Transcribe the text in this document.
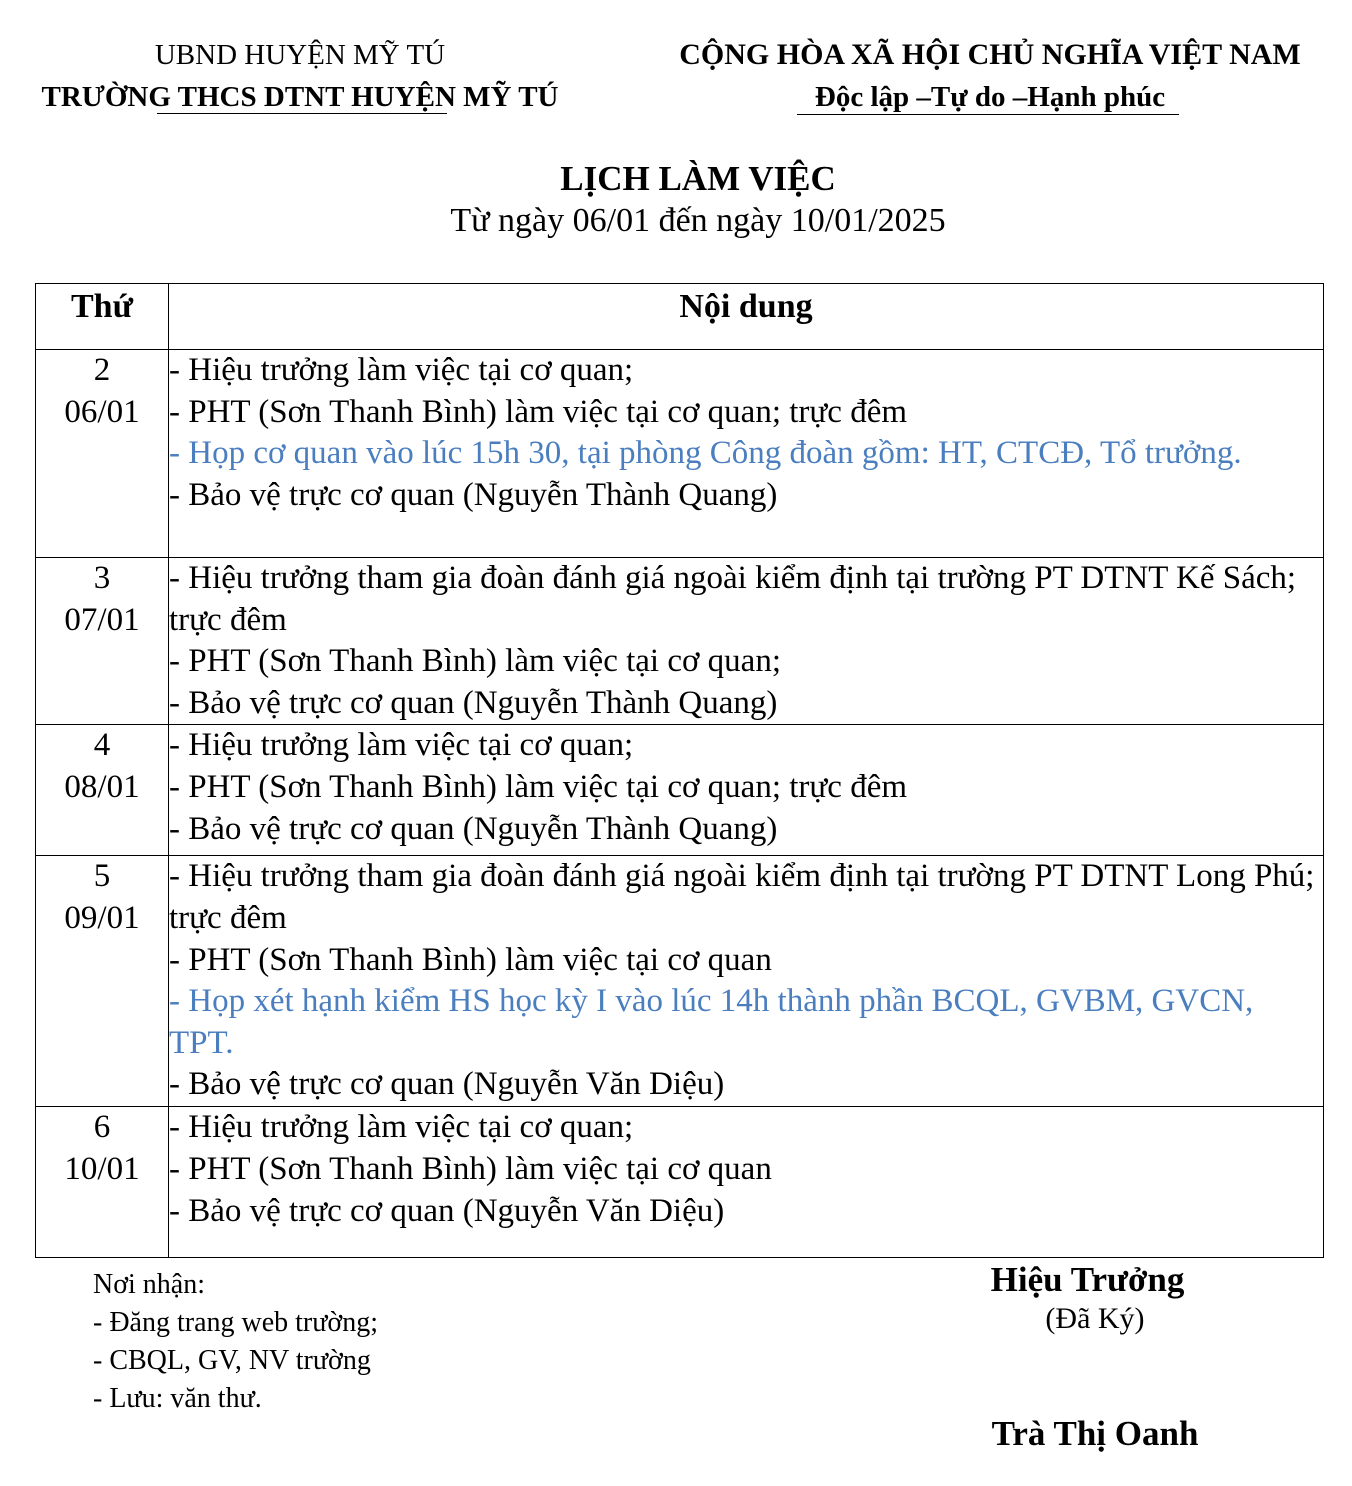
UBND HUYỆN MỸ TÚ
TRƯỜNG THCS DTNT HUYỆN MỸ TÚ
CỘNG HÒA XÃ HỘI CHỦ NGHĨA VIỆT NAM
Độc lập –Tự do –Hạnh phúc
LỊCH LÀM VIỆC
Từ ngày 06/01 đến ngày 10/01/2025
Thứ	Nội dung

2
06/01	- Hiệu trưởng làm việc tại cơ quan;
- PHT (Sơn Thanh Bình) làm việc tại cơ quan; trực đêm
- Họp cơ quan vào lúc 15h 30, tại phòng Công đoàn gồm: HT, CTCĐ, Tổ trưởng.
- Bảo vệ trực cơ quan (Nguyễn Thành Quang)

3
07/01	- Hiệu trưởng tham gia đoàn đánh giá ngoài kiểm định tại trường PT DTNT Kế Sách; trực đêm
- PHT (Sơn Thanh Bình) làm việc tại cơ quan;
- Bảo vệ trực cơ quan (Nguyễn Thành Quang)

4
08/01	- Hiệu trưởng làm việc tại cơ quan;
- PHT (Sơn Thanh Bình) làm việc tại cơ quan; trực đêm
- Bảo vệ trực cơ quan (Nguyễn Thành Quang)

5
09/01	- Hiệu trưởng tham gia đoàn đánh giá ngoài kiểm định tại trường PT DTNT Long Phú; trực đêm
- PHT (Sơn Thanh Bình) làm việc tại cơ quan
- Họp xét hạnh kiểm HS học kỳ I vào lúc 14h thành phần BCQL, GVBM, GVCN, TPT.
- Bảo vệ trực cơ quan (Nguyễn Văn Diệu)

6
10/01	- Hiệu trưởng làm việc tại cơ quan;
- PHT (Sơn Thanh Bình) làm việc tại cơ quan
- Bảo vệ trực cơ quan (Nguyễn Văn Diệu)
Nơi nhận:
- Đăng trang web trường;
- CBQL, GV, NV trường
- Lưu: văn thư.
Hiệu Trưởng
(Đã Ký)
Trà Thị Oanh
